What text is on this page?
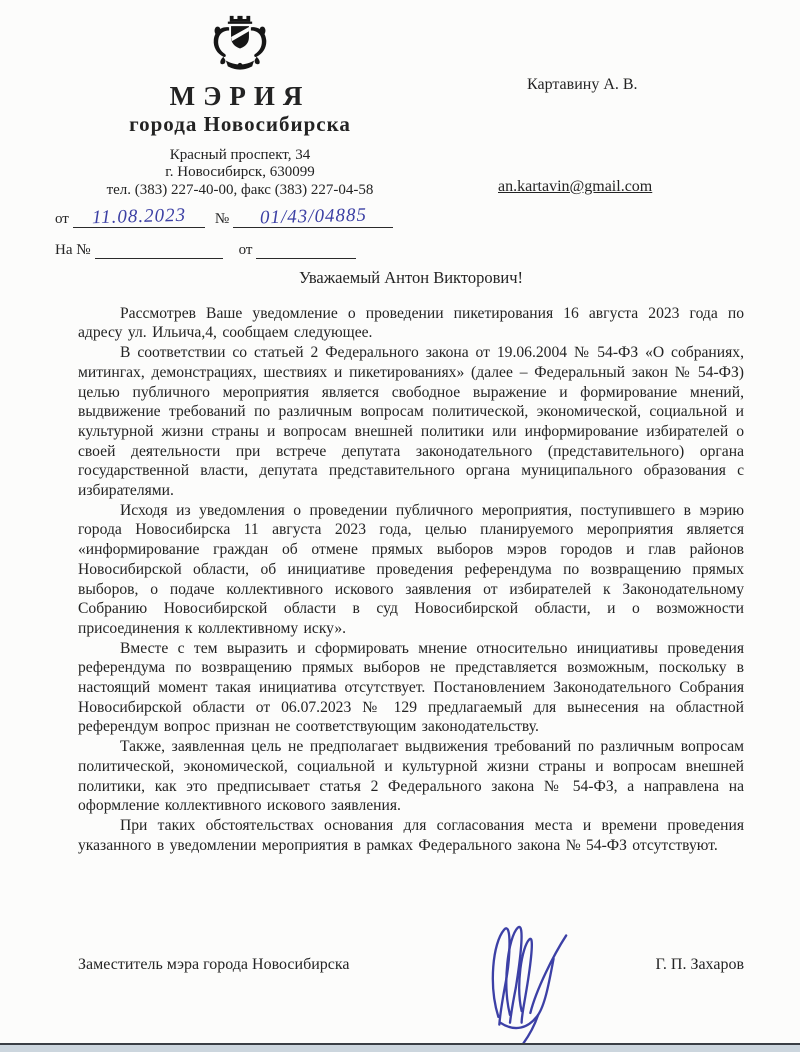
МЭРИЯ
города Новосибирска
Красный проспект, 34
г. Новосибирск, 630099
тел. (383) 227-40-00, факс (383) 227-04-58
от	11.08.2023	№	01/43/04885
На №	от
Картавину А. В.
an.kartavin@gmail.com
Уважаемый Антон Викторович!

Рассмотрев Ваше уведомление о проведении пикетирования 16 августа 2023 года по адресу ул. Ильича,4, сообщаем следующее.

В соответствии со статьей 2 Федерального закона от 19.06.2004 № 54-ФЗ «О собраниях, митингах, демонстрациях, шествиях и пикетированиях» (далее – Федеральный закон № 54-ФЗ) целью публичного мероприятия является свободное выражение и формирование мнений, выдвижение требований по различным вопросам политической, экономической, социальной и культурной жизни страны и вопросам внешней политики или информирование избирателей о своей деятельности при встрече депутата законодательного (представительного) органа государственной власти, депутата представительного органа муниципального образования с избирателями.

Исходя из уведомления о проведении публичного мероприятия, поступившего в мэрию города Новосибирска 11 августа 2023 года, целью планируемого мероприятия является «информирование граждан об отмене прямых выборов мэров городов и глав районов Новосибирской области, об инициативе проведения референдума по возвращению прямых выборов, о подаче коллективного искового заявления от избирателей к Законодательному Собранию Новосибирской области в суд Новосибирской области, и о возможности присоединения к коллективному иску».

Вместе с тем выразить и сформировать мнение относительно инициативы проведения референдума по возвращению прямых выборов не представляется возможным, поскольку в настоящий момент такая инициатива отсутствует. Постановлением Законодательного Собрания Новосибирской области от 06.07.2023 № 129 предлагаемый для вынесения на областной референдум вопрос признан не соответствующим законодательству.

Также, заявленная цель не предполагает выдвижения требований по различным вопросам политической, экономической, социальной и культурной жизни страны и вопросам внешней политики, как это предписывает статья 2 Федерального закона № 54-ФЗ, а направлена на оформление коллективного искового заявления.

При таких обстоятельствах основания для согласования места и времени проведения указанного в уведомлении мероприятия в рамках Федерального закона № 54-ФЗ отсутствуют.

Заместитель мэра города Новосибирска	Г. П. Захаров
